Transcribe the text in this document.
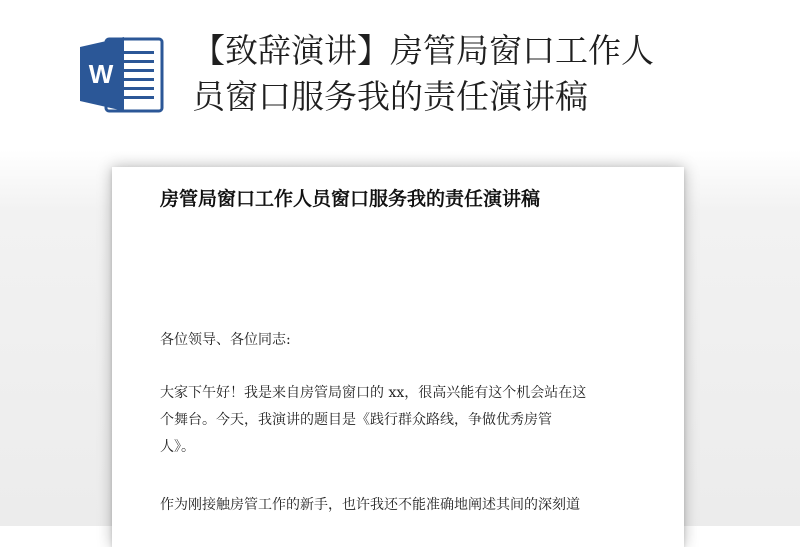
W
【致辞演讲】房管局窗口工作人
员窗口服务我的责任演讲稿
房管局窗口工作人员窗口服务我的责任演讲稿

各位领导、各位同志:

大家下午好！我是来自房管局窗口的 xx，很高兴能有这个机会站在这

个舞台。今天，我演讲的题目是《践行群众路线，争做优秀房管

人》。

作为刚接触房管工作的新手，也许我还不能准确地阐述其间的深刻道
